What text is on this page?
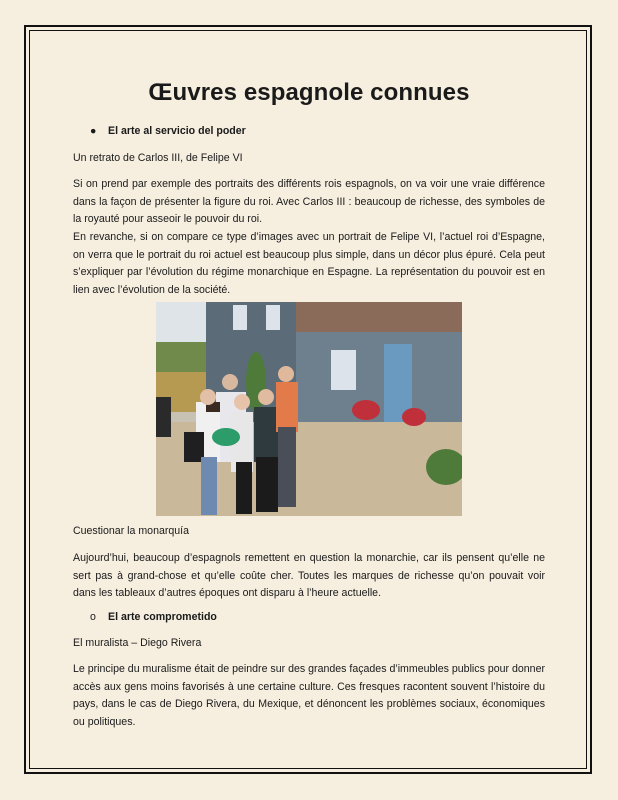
Œuvres espagnole connues
● El arte al servicio del poder

Un retrato de Carlos III, de Felipe VI

Si on prend par exemple des portraits des différents rois espagnols, on va voir une vraie différence dans la façon de présenter la figure du roi. Avec Carlos III : beaucoup de richesse, des symboles de la royauté pour asseoir le pouvoir du roi.

En revanche, si on compare ce type d’images avec un portrait de Felipe VI, l’actuel roi d’Espagne, on verra que le portrait du roi actuel est beaucoup plus simple, dans un décor plus épuré. Cela peut s’expliquer par l’évolution du régime monarchique en Espagne. La représentation du pouvoir est en lien avec l’évolution de la société.

Cuestionar la monarquía

Aujourd’hui, beaucoup d’espagnols remettent en question la monarchie, car ils pensent qu’elle ne sert pas à grand-chose et qu’elle coûte cher. Toutes les marques de richesse qu’on pouvait voir dans les tableaux d’autres époques ont disparu à l’heure actuelle.

o El arte comprometido

El muralista – Diego Rivera

Le principe du muralisme était de peindre sur des grandes façades d’immeubles publics pour donner accès aux gens moins favorisés à une certaine culture. Ces fresques racontent souvent l’histoire du pays, dans le cas de Diego Rivera, du Mexique, et dénoncent les problèmes sociaux, économiques ou politiques.
